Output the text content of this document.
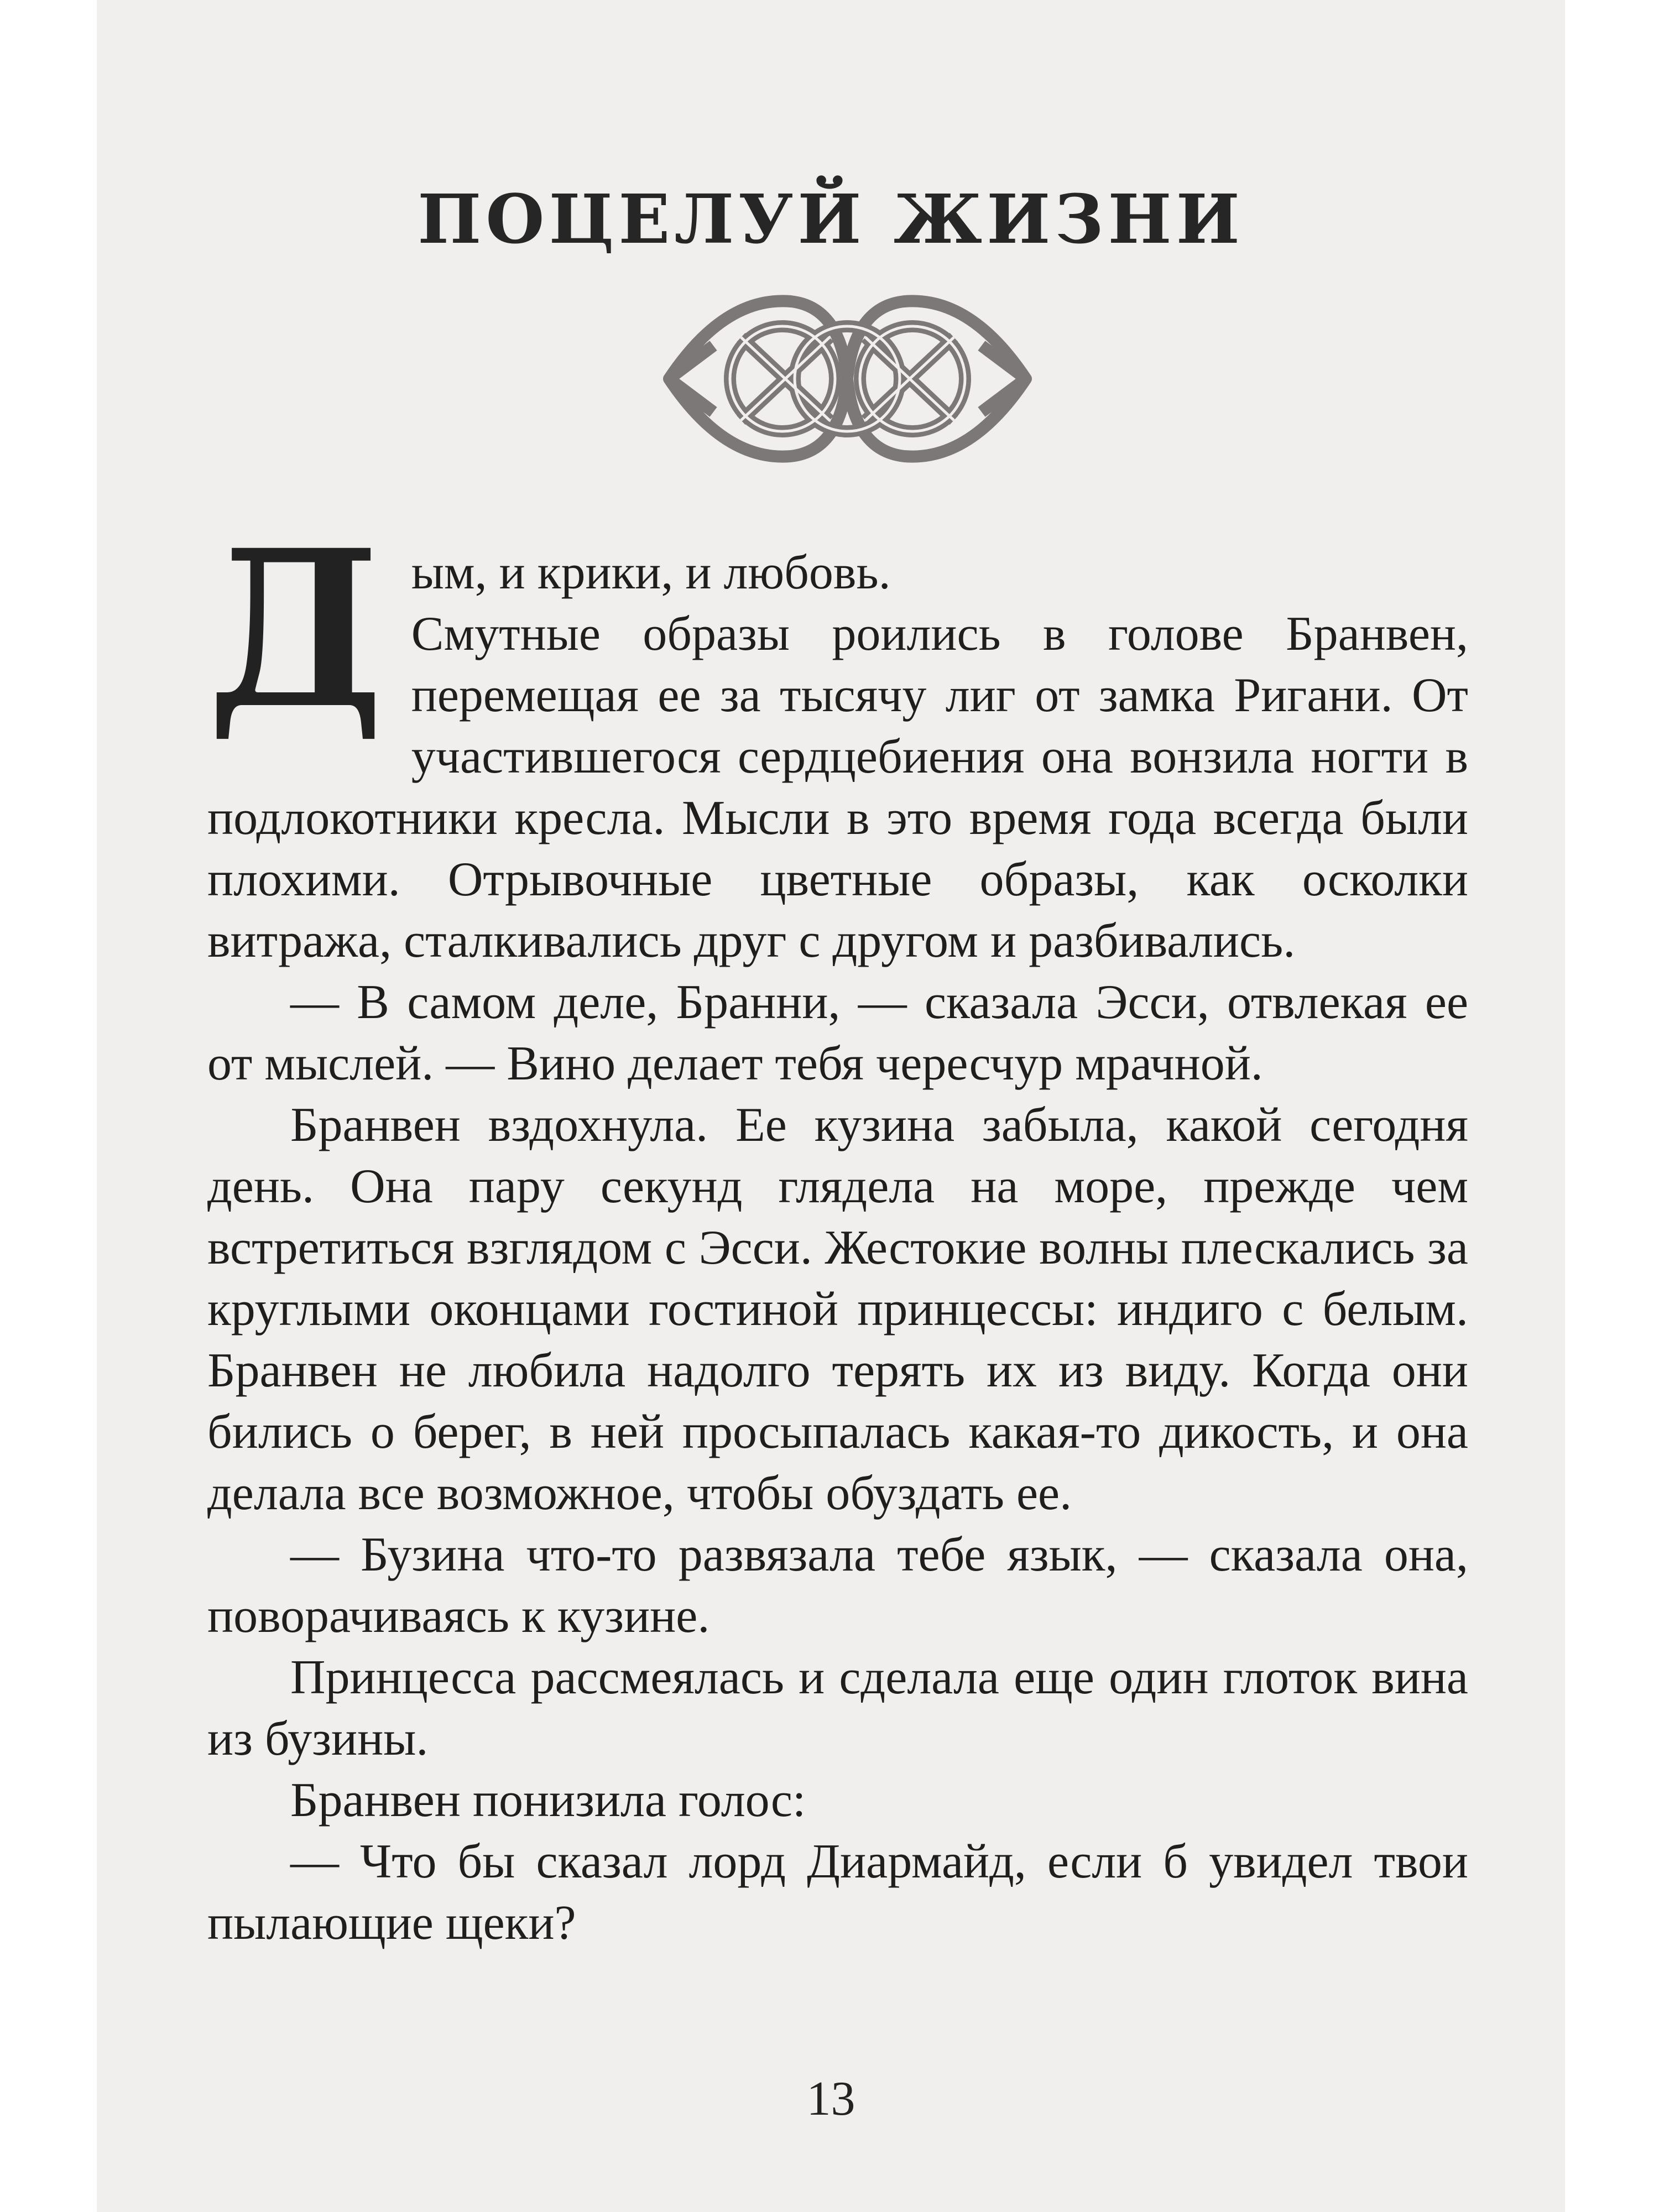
ПОЦЕЛУЙ ЖИЗНИ

Дым, и крики, и любовь.
Смутные образы роились в голове Бранвен, перемещая ее за тысячу лиг от замка Ригани. От участившегося сердцебиения она вонзила ногти в подлокотники кресла. Мысли в это время года всегда были плохими. Отрывочные цветные образы, как осколки витража, сталкивались друг с другом и разбивались.

— В самом деле, Бранни, — сказала Эсси, отвлекая ее от мыслей. — Вино делает тебя чересчур мрачной.

Бранвен вздохнула. Ее кузина забыла, какой сегодня день. Она пару секунд глядела на море, прежде чем встретиться взглядом с Эсси. Жестокие волны плескались за круглыми оконцами гостиной принцессы: индиго с белым. Бранвен не любила надолго терять их из виду. Когда они бились о берег, в ней просыпалась какая-то дикость, и она делала все возможное, чтобы обуздать ее.

— Бузина что-то развязала тебе язык, — сказала она, поворачиваясь к кузине.

Принцесса рассмеялась и сделала еще один глоток вина из бузины.

Бранвен понизила голос:

— Что бы сказал лорд Диармайд, если б увидел твои пылающие щеки?

13
